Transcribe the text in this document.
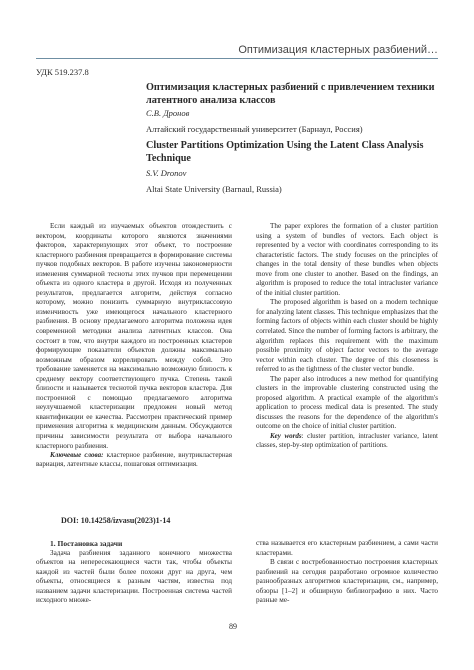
Оптимизация кластерных разбиений…
УДК 519.237.8
Оптимизация кластерных разбиений с привлечением техники латентного анализа классов
С.В. Дронов
Алтайский государственный университет (Барнаул, Россия)
Cluster Partitions Optimization Using the Latent Class Analysis Technique
S.V. Dronov
Altai State University (Barnaul, Russia)

Если каждый из изучаемых объектов отождествить с вектором, координаты которого являются значениями факторов, характеризующих этот объект, то построение кластерного разбиения превращается в формирование системы пучков подобных векторов. В работе изучены закономерности изменения суммарной тесноты этих пучков при перемещении объекта из одного кластера в другой. Исходя из полученных результатов, предлагается алгоритм, действуя согласно которому, можно понизить суммарную внутриклассовую изменчивость уже имеющегося начального кластерного разбиения. В основу предлагаемого алгоритма положена идея современной методики анализа латентных классов. Она состоит в том, что внутри каждого из построенных кластеров формирующие показатели объектов должны максимально возможным образом коррелировать между собой. Это требование заменяется на максимально возможную близость к среднему вектору соответствующего пучка. Степень такой близости и называется теснотой пучка векторов кластера. Для построенной с помощью предлагаемого алгоритма неулучшаемой кластеризации предложен новый метод квантификации ее качества. Рассмотрен практический пример применения алгоритма к медицинским данным. Обсуждаются причины зависимости результата от выбора начального кластерного разбиения.

Ключевые слова: кластерное разбиение, внутрикластерная вариация, латентные классы, пошаговая оптимизация.

The paper explores the formation of a cluster partition using a system of bundles of vectors. Each object is represented by a vector with coordinates corresponding to its characteristic factors. The study focuses on the principles of changes in the total density of these bundles when objects move from one cluster to another. Based on the findings, an algorithm is proposed to reduce the total intracluster variance of the initial cluster partition.

The proposed algorithm is based on a modern technique for analyzing latent classes. This technique emphasizes that the forming factors of objects within each cluster should be highly correlated. Since the number of forming factors is arbitrary, the algorithm replaces this requirement with the maximum possible proximity of object factor vectors to the average vector within each cluster. The degree of this closeness is referred to as the tightness of the cluster vector bundle.

The paper also introduces a new method for quantifying clusters in the improvable clustering constructed using the proposed algorithm. A practical example of the algorithm's application to process medical data is presented. The study discusses the reasons for the dependence of the algorithm's outcome on the choice of initial cluster partition.

Key words: cluster partition, intracluster variance, latent classes, step-by-step optimization of partitions.

DOI: 10.14258/izvasu(2023)1-14

1. Постановка задачи

Задача разбиения заданного конечного множества объектов на непересекающиеся части так, чтобы объекты каждой из частей были более похожи друг на друга, чем объекты, относящиеся к разным частям, известна под названием задачи кластеризации. Построенная система частей исходного множе-

ства называется его кластерным разбиением, а сами части кластерами.

В связи с востребованностью построения кластерных разбиений на сегодня разработано огромное количество разнообразных алгоритмов кластеризации, см., например, обзоры [1–2] и обширную библиографию в них. Часто разные ме-

89
